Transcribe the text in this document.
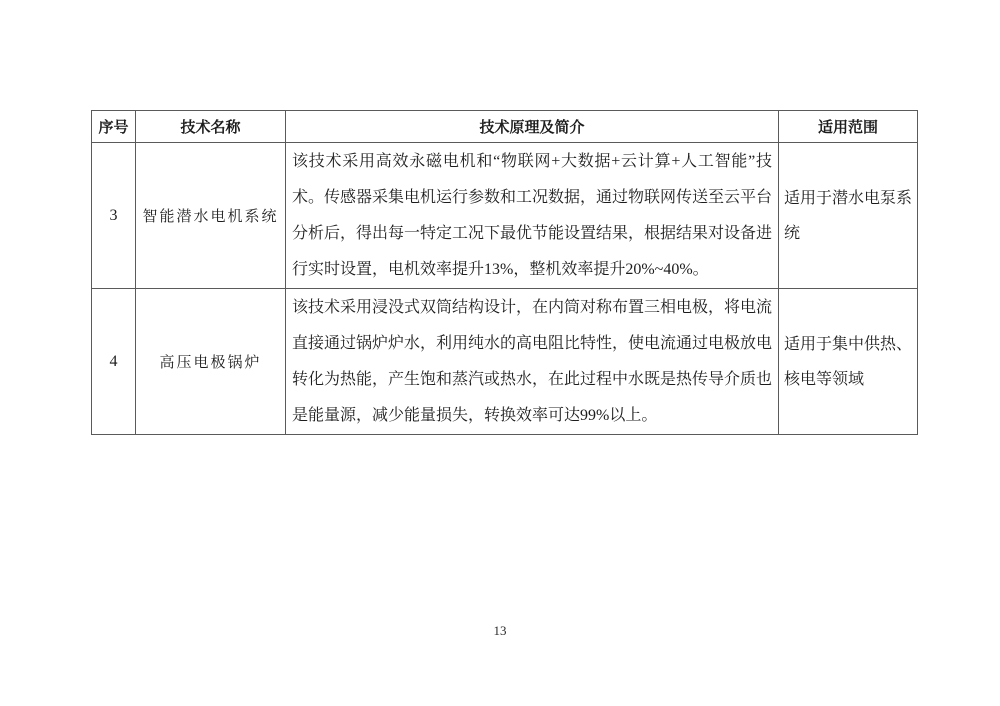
序号	技术名称	技术原理及简介	适用范围
3	智能潜水电机系统	该技术采用高效永磁电机和“物联网+大数据+云计算+人工智能”技术。传感器采集电机运行参数和工况数据，通过物联网传送至云平台分析后，得出每一特定工况下最优节能设置结果，根据结果对设备进行实时设置，电机效率提升13%，整机效率提升20%~40%。	适用于潜水电泵系统
4	高压电极锅炉	该技术采用浸没式双筒结构设计，在内筒对称布置三相电极，将电流直接通过锅炉炉水，利用纯水的高电阻比特性，使电流通过电极放电转化为热能，产生饱和蒸汽或热水，在此过程中水既是热传导介质也是能量源，减少能量损失，转换效率可达99%以上。	适用于集中供热、核电等领域
13
